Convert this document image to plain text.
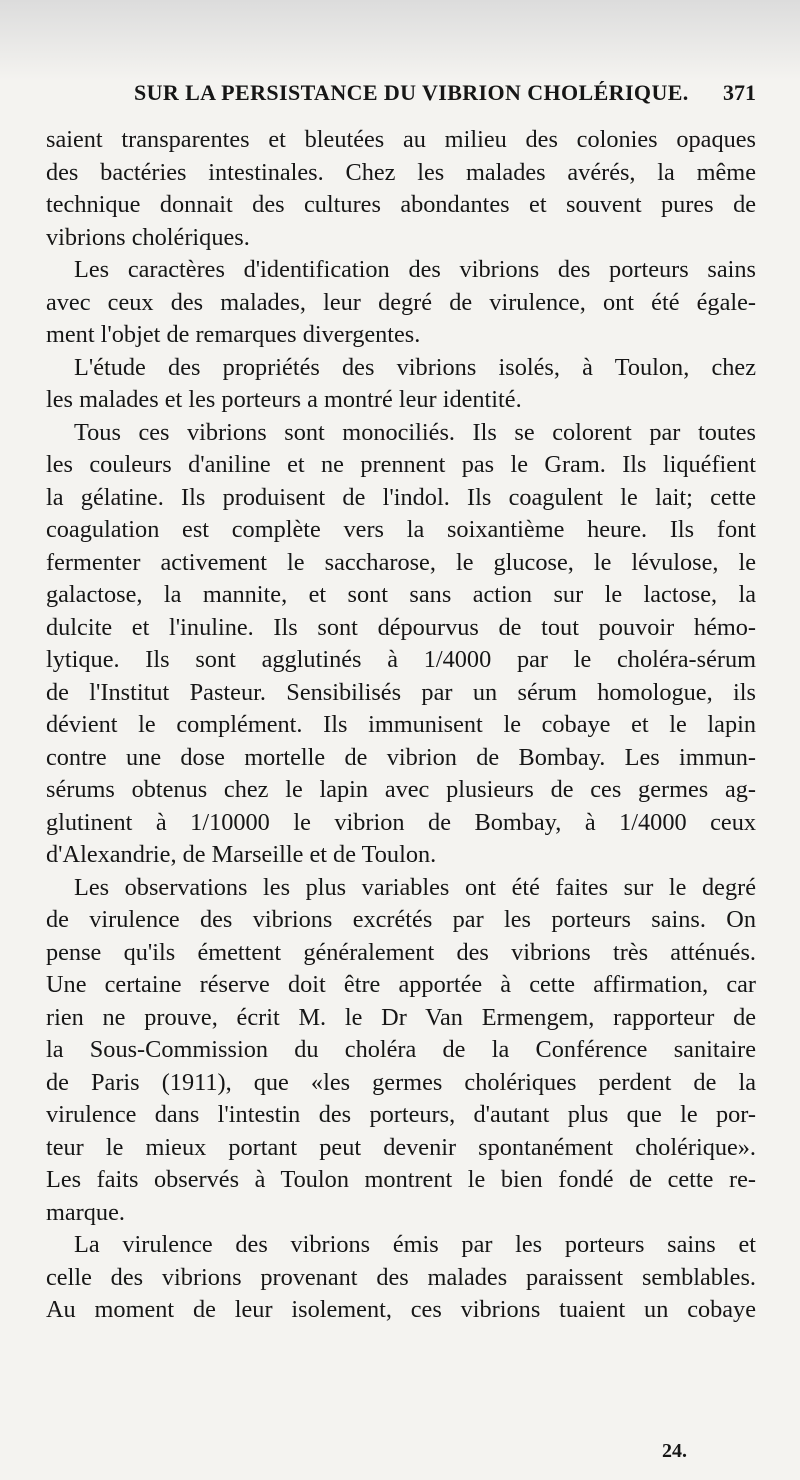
SUR LA PERSISTANCE DU VIBRION CHOLÉRIQUE. 371
saient transparentes et bleutées au milieu des colonies opaques
des bactéries intestinales. Chez les malades avérés, la même
technique donnait des cultures abondantes et souvent pures de
vibrions cholériques.
Les caractères d'identification des vibrions des porteurs sains
avec ceux des malades, leur degré de virulence, ont été égale-
ment l'objet de remarques divergentes.
L'étude des propriétés des vibrions isolés, à Toulon, chez
les malades et les porteurs a montré leur identité.
Tous ces vibrions sont monociliés. Ils se colorent par toutes
les couleurs d'aniline et ne prennent pas le Gram. Ils liquéfient
la gélatine. Ils produisent de l'indol. Ils coagulent le lait; cette
coagulation est complète vers la soixantième heure. Ils font
fermenter activement le saccharose, le glucose, le lévulose, le
galactose, la mannite, et sont sans action sur le lactose, la
dulcite et l'inuline. Ils sont dépourvus de tout pouvoir hémo-
lytique. Ils sont agglutinés à 1/4000 par le choléra-sérum
de l'Institut Pasteur. Sensibilisés par un sérum homologue, ils
dévient le complément. Ils immunisent le cobaye et le lapin
contre une dose mortelle de vibrion de Bombay. Les immun-
sérums obtenus chez le lapin avec plusieurs de ces germes ag-
glutinent à 1/10000 le vibrion de Bombay, à 1/4000 ceux
d'Alexandrie, de Marseille et de Toulon.
Les observations les plus variables ont été faites sur le degré
de virulence des vibrions excrétés par les porteurs sains. On
pense qu'ils émettent généralement des vibrions très atténués.
Une certaine réserve doit être apportée à cette affirmation, car
rien ne prouve, écrit M. le Dr Van Ermengem, rapporteur de
la Sous-Commission du choléra de la Conférence sanitaire
de Paris (1911), que «les germes cholériques perdent de la
virulence dans l'intestin des porteurs, d'autant plus que le por-
teur le mieux portant peut devenir spontanément cholérique».
Les faits observés à Toulon montrent le bien fondé de cette re-
marque.
La virulence des vibrions émis par les porteurs sains et
celle des vibrions provenant des malades paraissent semblables.
Au moment de leur isolement, ces vibrions tuaient un cobaye
24.
